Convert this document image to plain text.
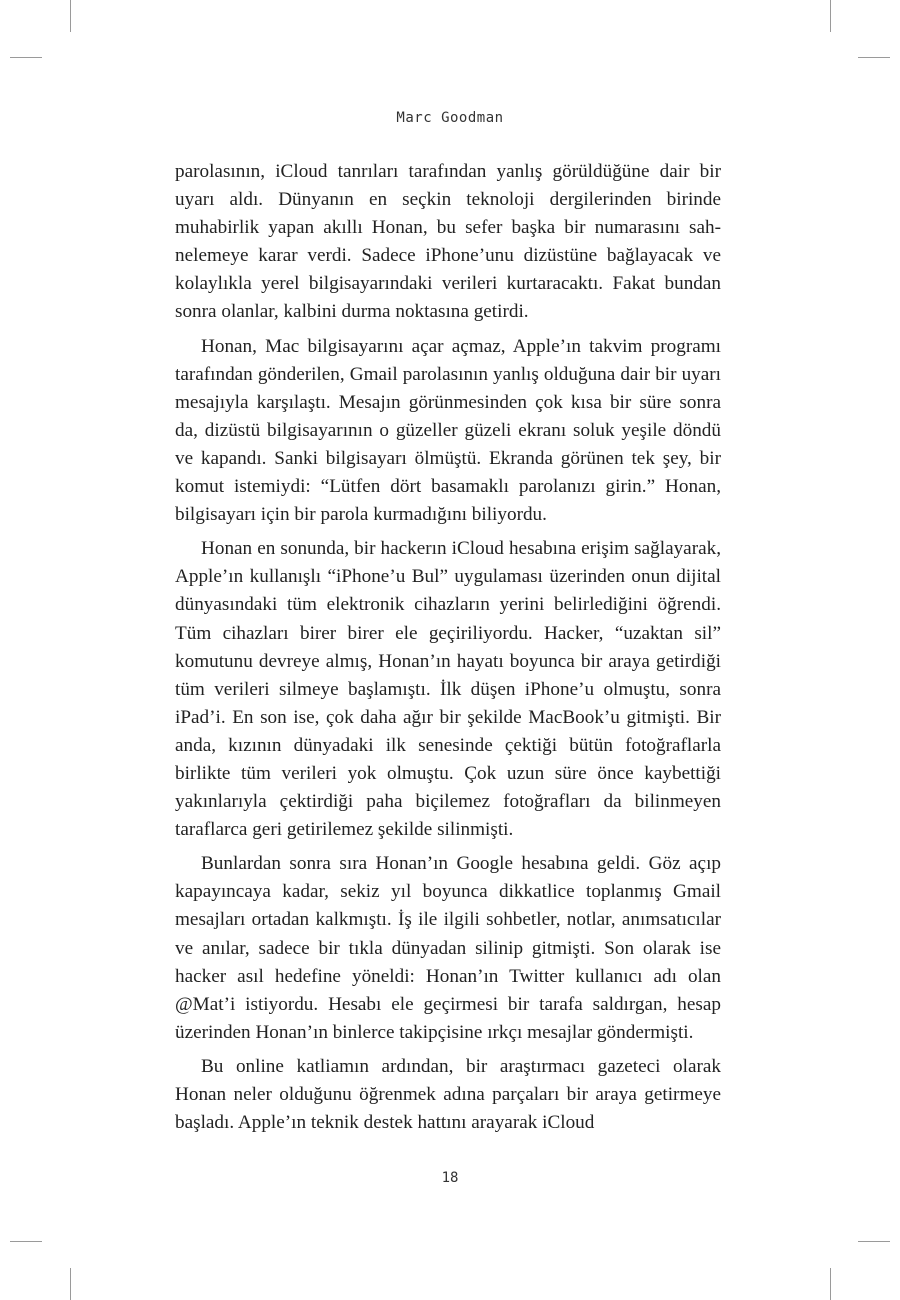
Marc Goodman

parolasının, iCloud tanrıları tarafından yanlış görüldüğüne dair bir uyarı aldı. Dünyanın en seçkin teknoloji dergilerinden birinde muhabirlik yapan akıllı Honan, bu sefer başka bir numarasını sahnelemeye karar verdi. Sadece iPhone’unu dizüstüne bağlayacak ve kolaylıkla yerel bilgisayarındaki verileri kurtaracaktı. Fakat bundan sonra olanlar, kalbini durma noktasına getirdi.

Honan, Mac bilgisayarını açar açmaz, Apple’ın takvim programı tarafından gönderilen, Gmail parolasının yanlış olduğuna dair bir uyarı mesajıyla karşılaştı. Mesajın görünmesinden çok kısa bir süre sonra da, dizüstü bilgisayarının o güzeller güzeli ekranı soluk yeşile döndü ve kapandı. Sanki bilgisayarı ölmüştü. Ekranda görünen tek şey, bir komut istemiydi: “Lütfen dört basamaklı parolanızı girin.” Honan, bilgisayarı için bir parola kurmadığını biliyordu.

Honan en sonunda, bir hackerın iCloud hesabına erişim sağlayarak, Apple’ın kullanışlı “iPhone’u Bul” uygulaması üzerinden onun dijital dünyasındaki tüm elektronik cihazların yerini belirlediğini öğrendi. Tüm cihazları birer birer ele geçiriliyordu. Hacker, “uzaktan sil” komutunu devreye almış, Honan’ın hayatı boyunca bir araya getirdiği tüm verileri silmeye başlamıştı. İlk düşen iPhone’u olmuştu, sonra iPad’i. En son ise, çok daha ağır bir şekilde MacBook’u gitmişti. Bir anda, kızının dünyadaki ilk senesinde çektiği bütün fotoğraflarla birlikte tüm verileri yok olmuştu. Çok uzun süre önce kaybettiği yakınlarıyla çektirdiği paha biçilemez fotoğrafları da bilinmeyen taraflarca geri getirilemez şekilde silinmişti.

Bunlardan sonra sıra Honan’ın Google hesabına geldi. Göz açıp kapayıncaya kadar, sekiz yıl boyunca dikkatlice toplanmış Gmail mesajları ortadan kalkmıştı. İş ile ilgili sohbetler, notlar, anımsatıcılar ve anılar, sadece bir tıkla dünyadan silinip gitmişti. Son olarak ise hacker asıl hedefine yöneldi: Honan’ın Twitter kullanıcı adı olan @Mat’i istiyordu. Hesabı ele geçirmesi bir tarafa saldırgan, hesap üzerinden Honan’ın binlerce takipçisine ırkçı mesajlar göndermişti.

Bu online katliamın ardından, bir araştırmacı gazeteci olarak Honan neler olduğunu öğrenmek adına parçaları bir araya getirmeye başladı. Apple’ın teknik destek hattını arayarak iCloud

18
